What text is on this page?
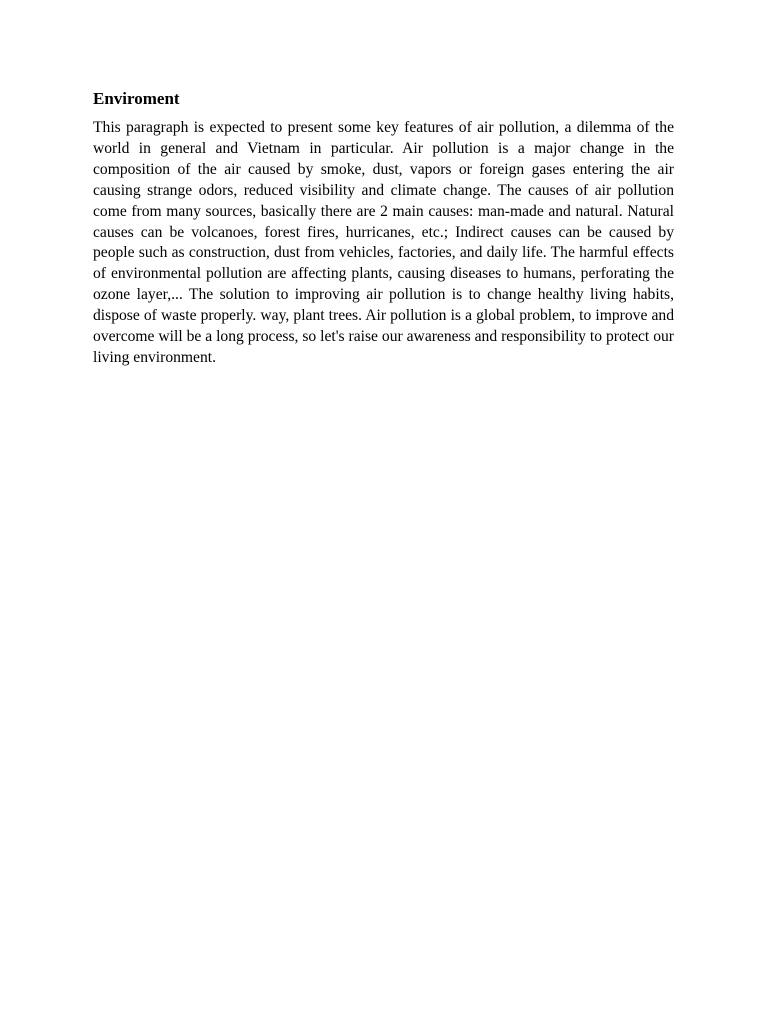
Enviroment

This paragraph is expected to present some key features of air pollution, a dilemma of the world in general and Vietnam in particular. Air pollution is a major change in the composition of the air caused by smoke, dust, vapors or foreign gases entering the air causing strange odors, reduced visibility and climate change. The causes of air pollution come from many sources, basically there are 2 main causes: man-made and natural. Natural causes can be volcanoes, forest fires, hurricanes, etc.; Indirect causes can be caused by people such as construction, dust from vehicles, factories, and daily life. The harmful effects of environmental pollution are affecting plants, causing diseases to humans, perforating the ozone layer,... The solution to improving air pollution is to change healthy living habits, dispose of waste properly. way, plant trees. Air pollution is a global problem, to improve and overcome will be a long process, so let's raise our awareness and responsibility to protect our living environment.
